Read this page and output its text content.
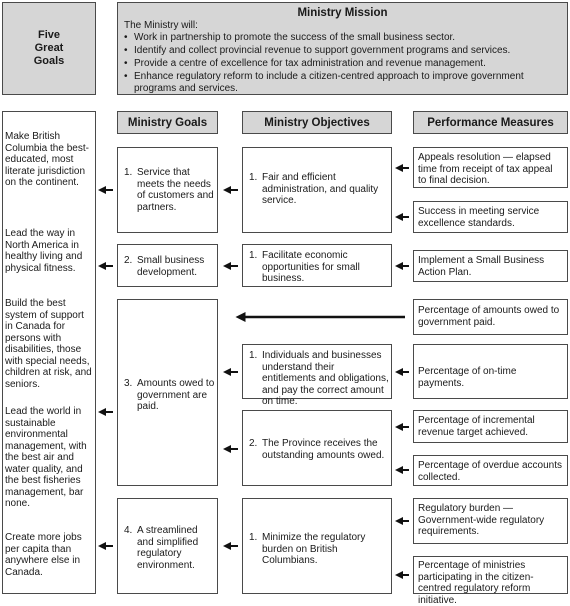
Five
Great
Goals
Ministry Mission
The Ministry will:
• Work in partnership to promote the success of the small business sector.
• Identify and collect provincial revenue to support government programs and services.
• Provide a centre of excellence for tax administration and revenue management.
• Enhance regulatory reform to include a citizen-centred approach to improve government programs and services.
Ministry Goals	Ministry Objectives	Performance Measures
Make British Columbia the best-educated, most literate jurisdiction on the continent.
Lead the way in North America in healthy living and physical fitness.
Build the best system of support in Canada for persons with disabilities, those with special needs, children at risk, and seniors.
Lead the world in sustainable environmental management, with the best air and water quality, and the best fisheries management, bar none.
Create more jobs per capita than anywhere else in Canada.
1. Service that meets the needs of customers and partners.
2. Small business development.
3. Amounts owed to government are paid.
4. A streamlined and simplified regulatory environment.
1. Fair and efficient administration, and quality service.
1. Facilitate economic opportunities for small business.
1. Individuals and businesses understand their entitlements and obligations, and pay the correct amount on time.
2. The Province receives the outstanding amounts owed.
1. Minimize the regulatory burden on British Columbians.
Appeals resolution — elapsed time from receipt of tax appeal to final decision.
Success in meeting service excellence standards.
Implement a Small Business Action Plan.
Percentage of amounts owed to government paid.
Percentage of on-time payments.
Percentage of incremental revenue target achieved.
Percentage of overdue accounts collected.
Regulatory burden — Government-wide regulatory requirements.
Percentage of ministries participating in the citizen-centred regulatory reform initiative.
